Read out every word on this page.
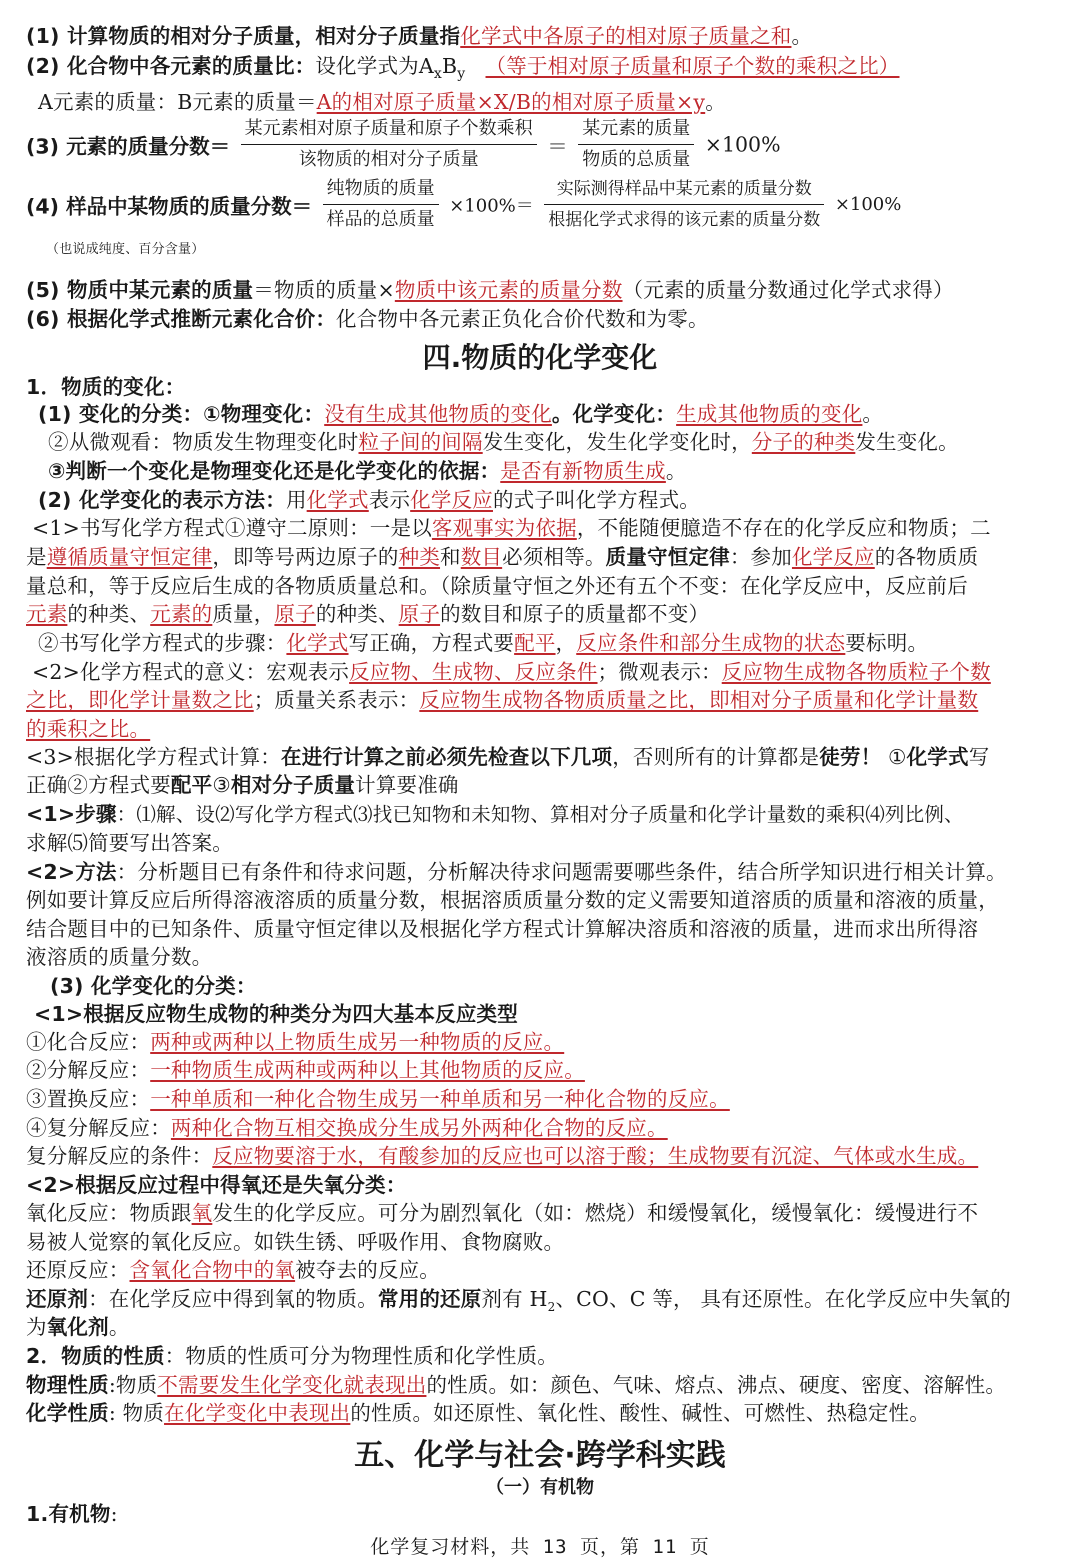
(1) 计算物质的相对分子质量，相对分子质量指化学式中各原子的相对原子质量之和。
(2) 化合物中各元素的质量比：设化学式为$A_xB_y$ （等于相对原子质量和原子个数的乘积之比）
A元素的质量：B元素的质量＝A的相对原子质量×X/B的相对原子质量×y。
(3) 元素的质量分数＝ $\frac{\text{某元素相对原子质量和原子个数乘积}}{\text{该物质的相对分子质量}} = \frac{\text{某元素的质量}}{\text{物质的总质量}} \times 100\%$
(4) 样品中某物质的质量分数＝ $\frac{\text{纯物质的质量}}{\text{样品的总质量}} \times 100\%= \frac{\text{实际测得样品中某元素的质量分数}}{\text{根据化学式求得的该元素的质量分数}} \times 100\%$
（也说成纯度、百分含量）
(5) 物质中某元素的质量＝物质的质量×物质中该元素的质量分数（元素的质量分数通过化学式求得）
(6) 根据化学式推断元素化合价：化合物中各元素正负化合价代数和为零。
四.物质的化学变化
1．物质的变化：
(1) 变化的分类：①物理变化：没有生成其他物质的变化。化学变化：生成其他物质的变化。
②从微观看：物质发生物理变化时粒子间的间隔发生变化，发生化学变化时，分子的种类发生变化。
③判断一个变化是物理变化还是化学变化的依据：是否有新物质生成。
(2) 化学变化的表示方法：用化学式表示化学反应的式子叫化学方程式。
<1>书写化学方程式①遵守二原则：一是以客观事实为依据，不能随便臆造不存在的化学反应和物质；二
是遵循质量守恒定律，即等号两边原子的种类和数目必须相等。质量守恒定律：参加化学反应的各物质质
量总和，等于反应后生成的各物质质量总和。（除质量守恒之外还有五个不变：在化学反应中，反应前后
元素的种类、元素的质量，原子的种类、原子的数目和原子的质量都不变）
②书写化学方程式的步骤：化学式写正确，方程式要配平，反应条件和部分生成物的状态要标明。
<2>化学方程式的意义：宏观表示反应物、生成物、反应条件；微观表示：反应物生成物各物质粒子个数
之比，即化学计量数之比；质量关系表示：反应物生成物各物质质量之比，即相对分子质量和化学计量数
的乘积之比。
<3>根据化学方程式计算：在进行计算之前必须先检查以下几项，否则所有的计算都是徒劳！ ①化学式写
正确②方程式要配平③相对分子质量计算要准确
<1>步骤：⑴解、设⑵写化学方程式⑶找已知物和未知物、算相对分子质量和化学计量数的乘积⑷列比例、
求解⑸简要写出答案。
<2>方法：分析题目已有条件和待求问题，分析解决待求问题需要哪些条件，结合所学知识进行相关计算。
例如要计算反应后所得溶液溶质的质量分数，根据溶质质量分数的定义需要知道溶质的质量和溶液的质量，
结合题目中的已知条件、质量守恒定律以及根据化学方程式计算解决溶质和溶液的质量，进而求出所得溶
液溶质的质量分数。
(3) 化学变化的分类：
<1>根据反应物生成物的种类分为四大基本反应类型
①化合反应：两种或两种以上物质生成另一种物质的反应。
②分解反应：一种物质生成两种或两种以上其他物质的反应。
③置换反应：一种单质和一种化合物生成另一种单质和另一种化合物的反应。
④复分解反应：两种化合物互相交换成分生成另外两种化合物的反应。
复分解反应的条件：反应物要溶于水，有酸参加的反应也可以溶于酸；生成物要有沉淀、气体或水生成。
<2>根据反应过程中得氧还是失氧分类：
氧化反应：物质跟氧发生的化学反应。可分为剧烈氧化（如：燃烧）和缓慢氧化，缓慢氧化：缓慢进行不
易被人觉察的氧化反应。如铁生锈、呼吸作用、食物腐败。
还原反应：含氧化合物中的氧被夺去的反应。
还原剂：在化学反应中得到氧的物质。常用的还原剂有 $H_2$、CO、C 等， 具有还原性。在化学反应中失氧的
为氧化剂。
2．物质的性质：物质的性质可分为物理性质和化学性质。
物理性质:物质不需要发生化学变化就表现出的性质。如：颜色、气味、熔点、沸点、硬度、密度、溶解性。
化学性质: 物质在化学变化中表现出的性质。如还原性、氧化性、酸性、碱性、可燃性、热稳定性。
五、化学与社会·跨学科实践
（一）有机物
1.有机物:
化学复习材料，共 13 页，第 11 页
